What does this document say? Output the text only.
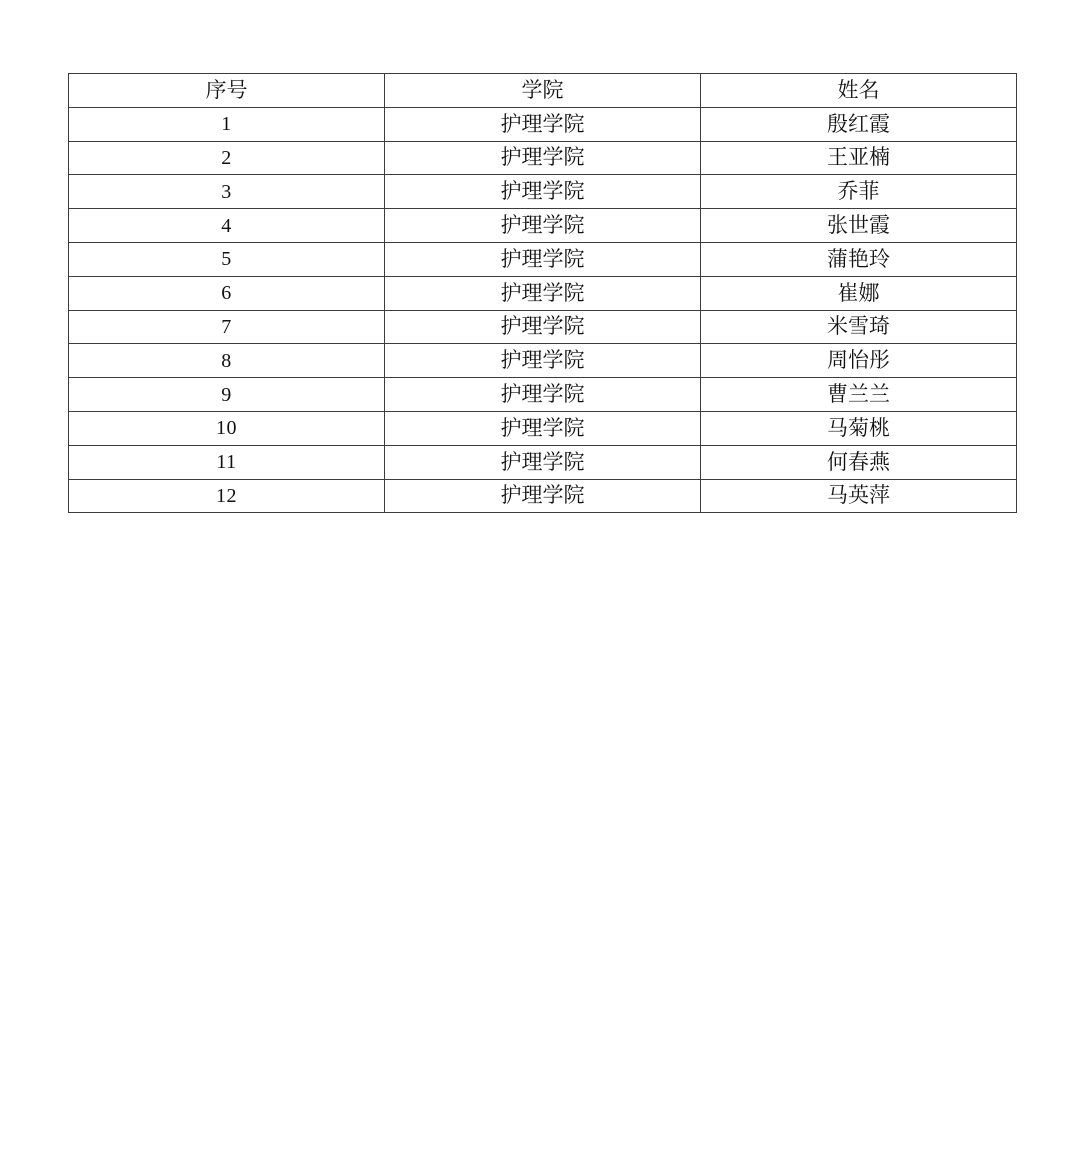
序号	学院	姓名
1	护理学院	殷红霞
2	护理学院	王亚楠
3	护理学院	乔菲
4	护理学院	张世霞
5	护理学院	蒲艳玲
6	护理学院	崔娜
7	护理学院	米雪琦
8	护理学院	周怡彤
9	护理学院	曹兰兰
10	护理学院	马菊桃
11	护理学院	何春燕
12	护理学院	马英萍
